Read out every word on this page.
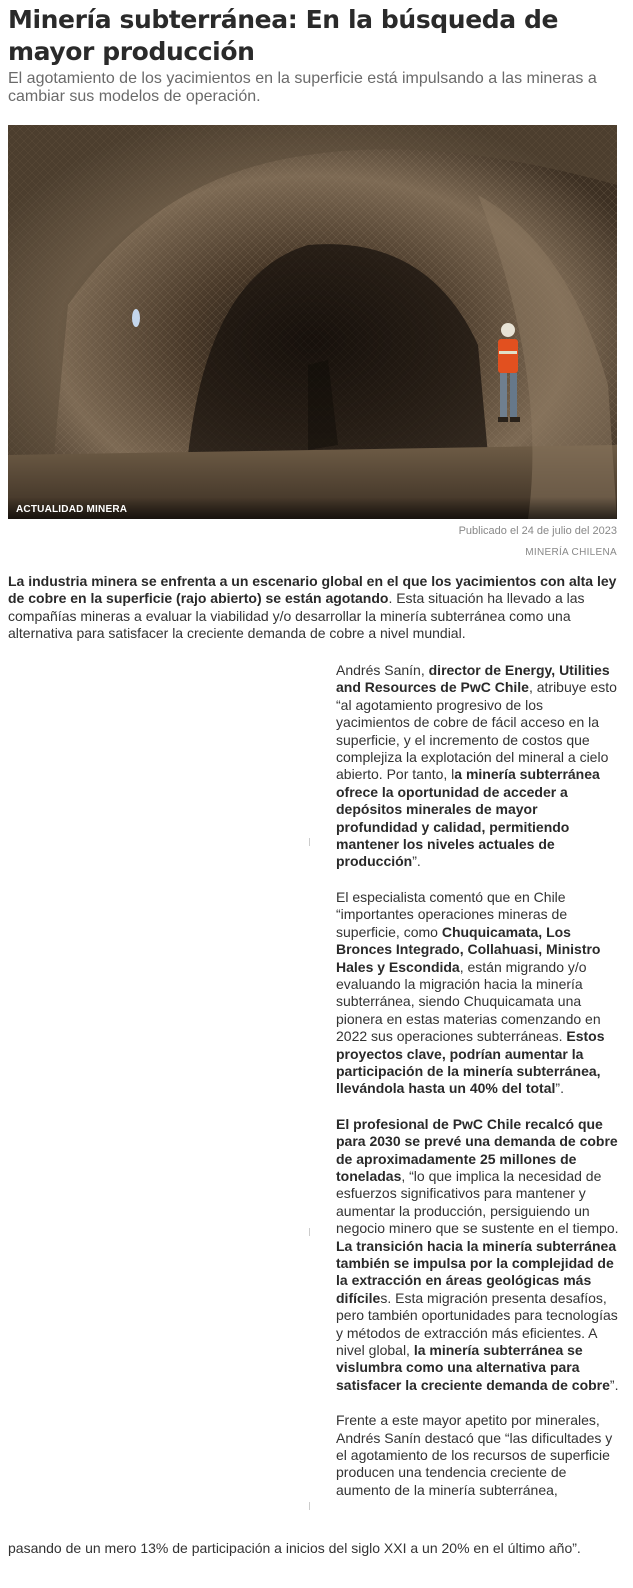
Minería subterránea: En la búsqueda de mayor producción

El agotamiento de los yacimientos en la superficie está impulsando a las mineras a cambiar sus modelos de operación.

ACTUALIDAD MINERA
Publicado el 24 de julio del 2023
MINERÍA CHILENA

La industria minera se enfrenta a un escenario global en el que los yacimientos con alta ley de cobre en la superficie (rajo abierto) se están agotando. Esta situación ha llevado a las compañías mineras a evaluar la viabilidad y/o desarrollar la minería subterránea como una alternativa para satisfacer la creciente demanda de cobre a nivel mundial.

Andrés Sanín, director de Energy, Utilities and Resources de PwC Chile, atribuye esto “al agotamiento progresivo de los yacimientos de cobre de fácil acceso en la superficie, y el incremento de costos que complejiza la explotación del mineral a cielo abierto. Por tanto, la minería subterránea ofrece la oportunidad de acceder a depósitos minerales de mayor profundidad y calidad, permitiendo mantener los niveles actuales de producción”.

El especialista comentó que en Chile “importantes operaciones mineras de superficie, como Chuquicamata, Los Bronces Integrado, Collahuasi, Ministro Hales y Escondida, están migrando y/o evaluando la migración hacia la minería subterránea, siendo Chuquicamata una pionera en estas materias comenzando en 2022 sus operaciones subterráneas. Estos proyectos clave, podrían aumentar la participación de la minería subterránea, llevándola hasta un 40% del total”.

El profesional de PwC Chile recalcó que para 2030 se prevé una demanda de cobre de aproximadamente 25 millones de toneladas, “lo que implica la necesidad de esfuerzos significativos para mantener y aumentar la producción, persiguiendo un negocio minero que se sustente en el tiempo. La transición hacia la minería subterránea también se impulsa por la complejidad de la extracción en áreas geológicas más difíciles. Esta migración presenta desafíos, pero también oportunidades para tecnologías y métodos de extracción más eficientes. A nivel global, la minería subterránea se vislumbra como una alternativa para satisfacer la creciente demanda de cobre”.

Frente a este mayor apetito por minerales, Andrés Sanín destacó que “las dificultades y el agotamiento de los recursos de superficie producen una tendencia creciente de aumento de la minería subterránea,

pasando de un mero 13% de participación a inicios del siglo XXI a un 20% en el último año”.
